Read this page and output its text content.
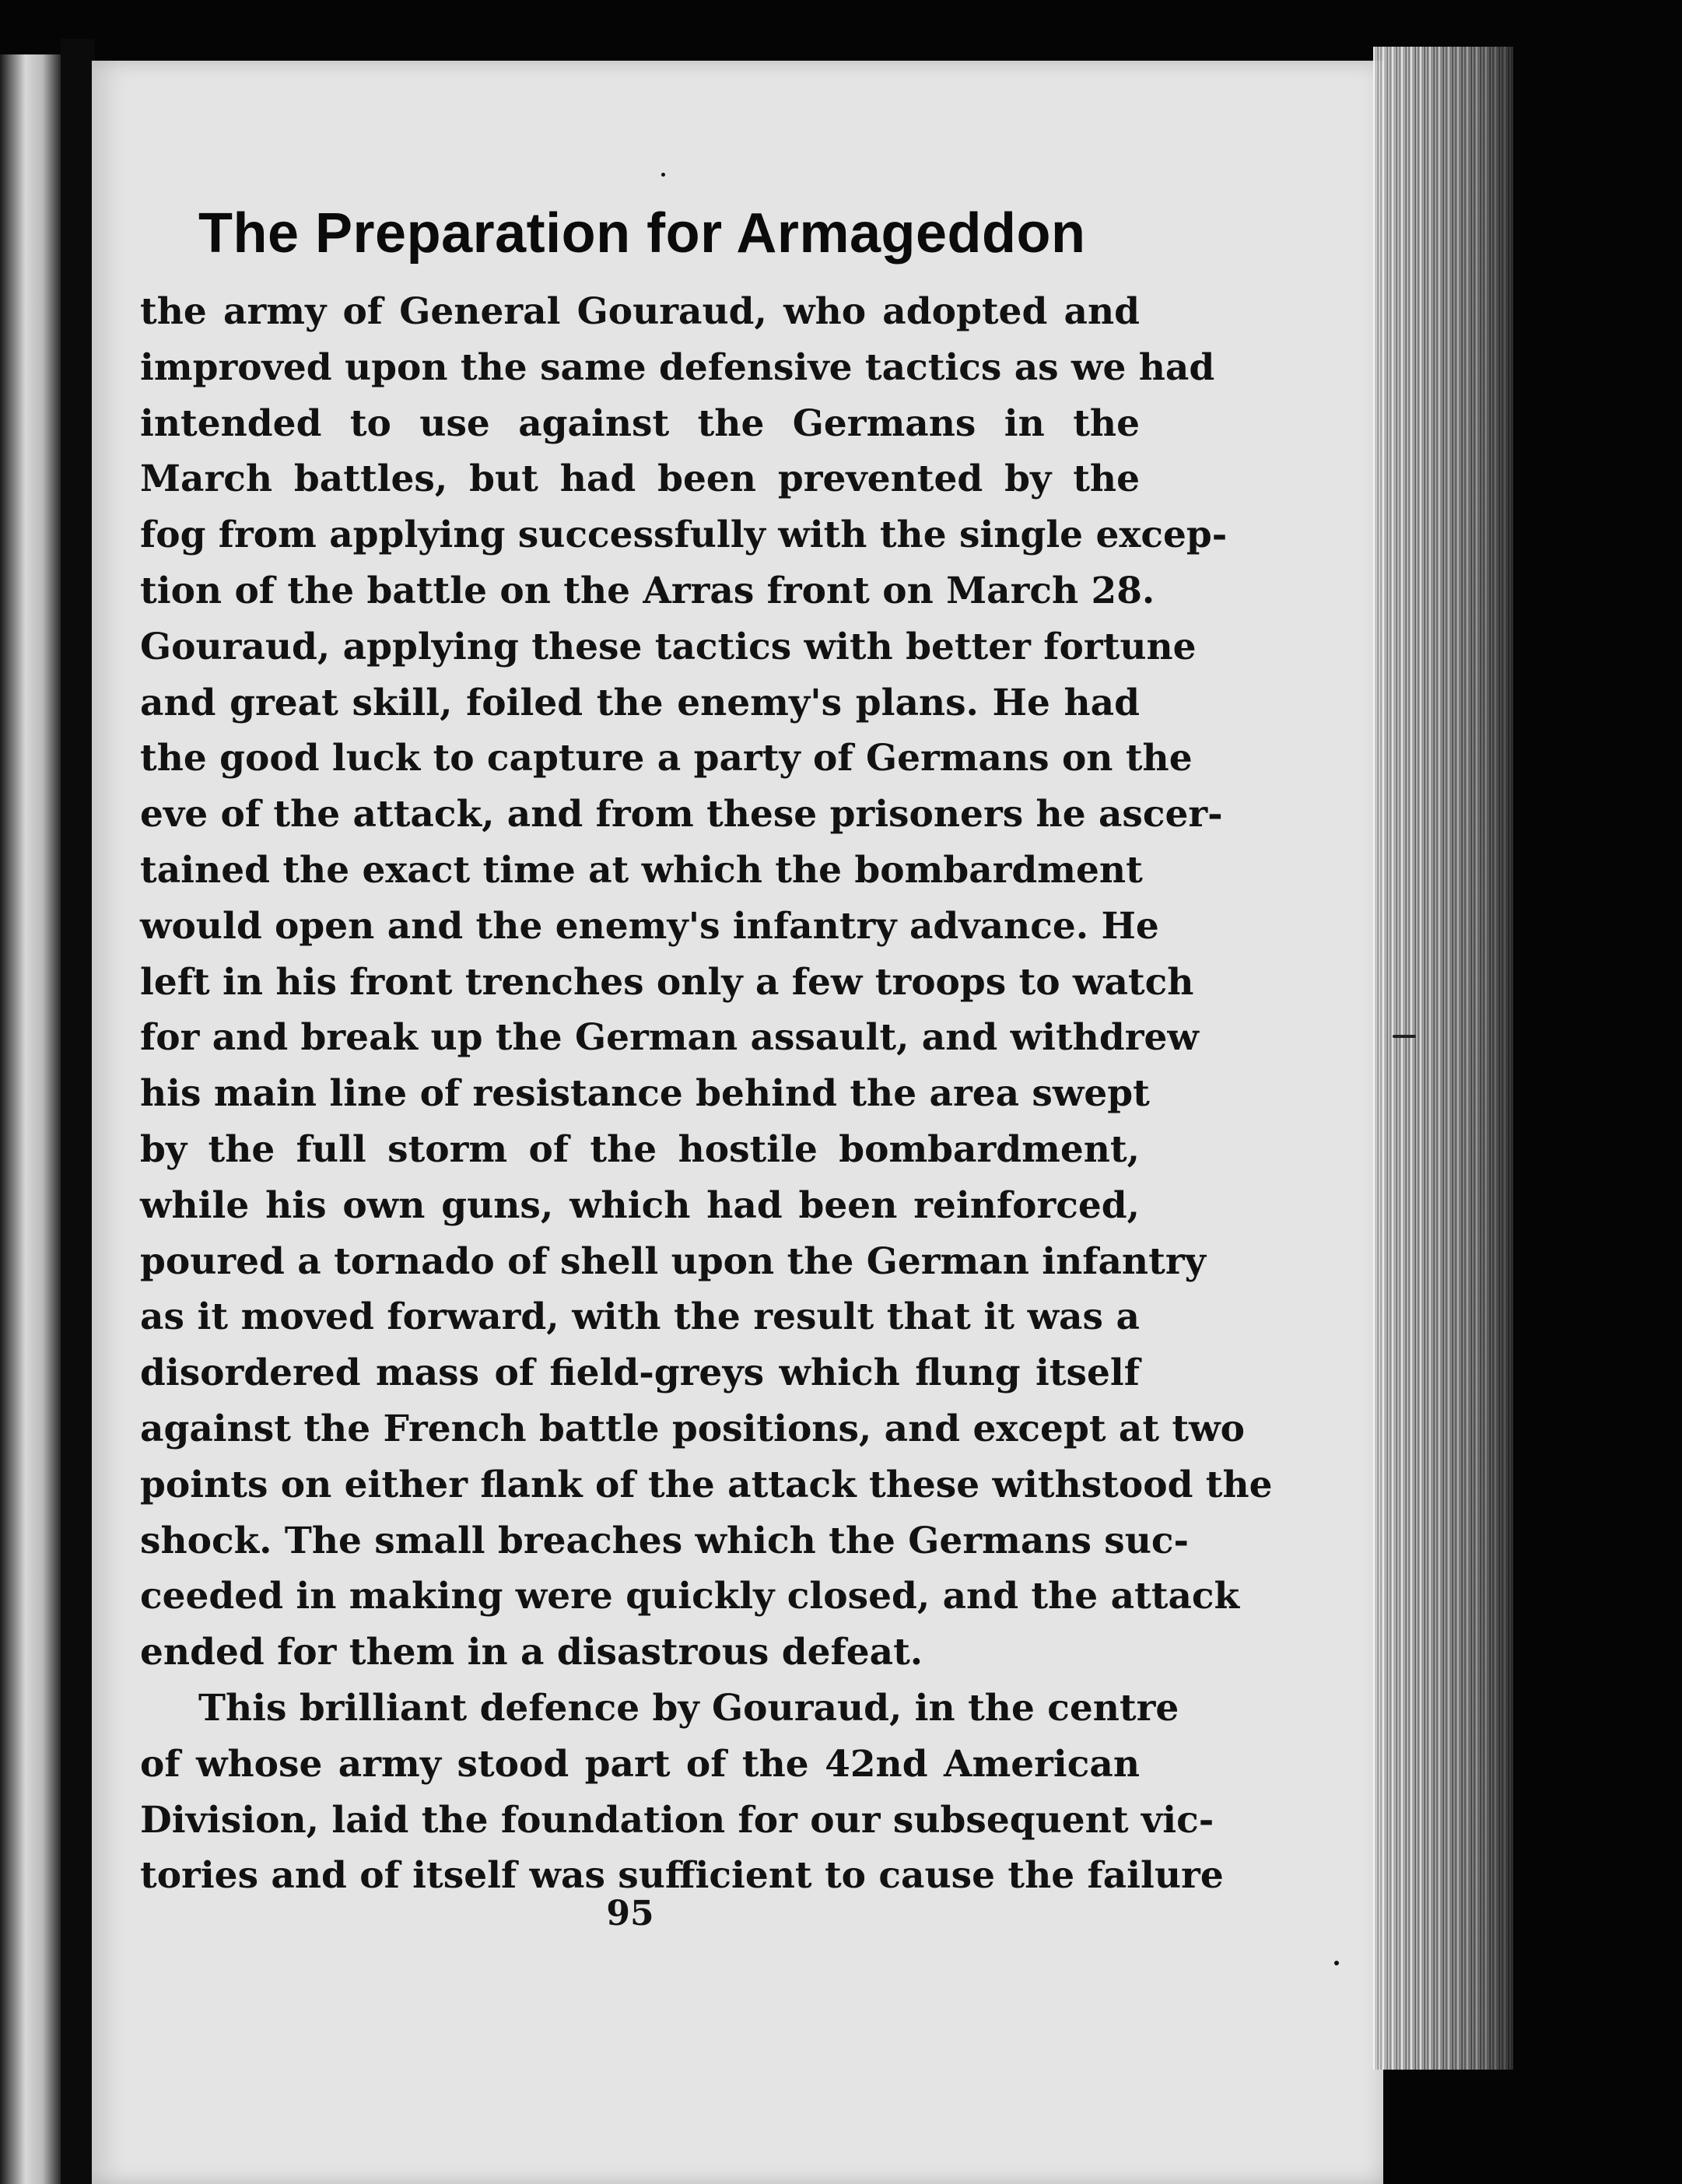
The Preparation for Armageddon
the army of General Gouraud, who adopted and
improved upon the same defensive tactics as we had
intended to use against the Germans in the
March battles, but had been prevented by the
fog from applying successfully with the single excep-
tion of the battle on the Arras front on March 28.
Gouraud, applying these tactics with better fortune
and great skill, foiled the enemy's plans. He had
the good luck to capture a party of Germans on the
eve of the attack, and from these prisoners he ascer-
tained the exact time at which the bombardment
would open and the enemy's infantry advance. He
left in his front trenches only a few troops to watch
for and break up the German assault, and withdrew
his main line of resistance behind the area swept
by the full storm of the hostile bombardment,
while his own guns, which had been reinforced,
poured a tornado of shell upon the German infantry
as it moved forward, with the result that it was a
disordered mass of field-greys which flung itself
against the French battle positions, and except at two
points on either flank of the attack these withstood the
shock. The small breaches which the Germans suc-
ceeded in making were quickly closed, and the attack
ended for them in a disastrous defeat.
This brilliant defence by Gouraud, in the centre
of whose army stood part of the 42nd American
Division, laid the foundation for our subsequent vic-
tories and of itself was sufficient to cause the failure
95
